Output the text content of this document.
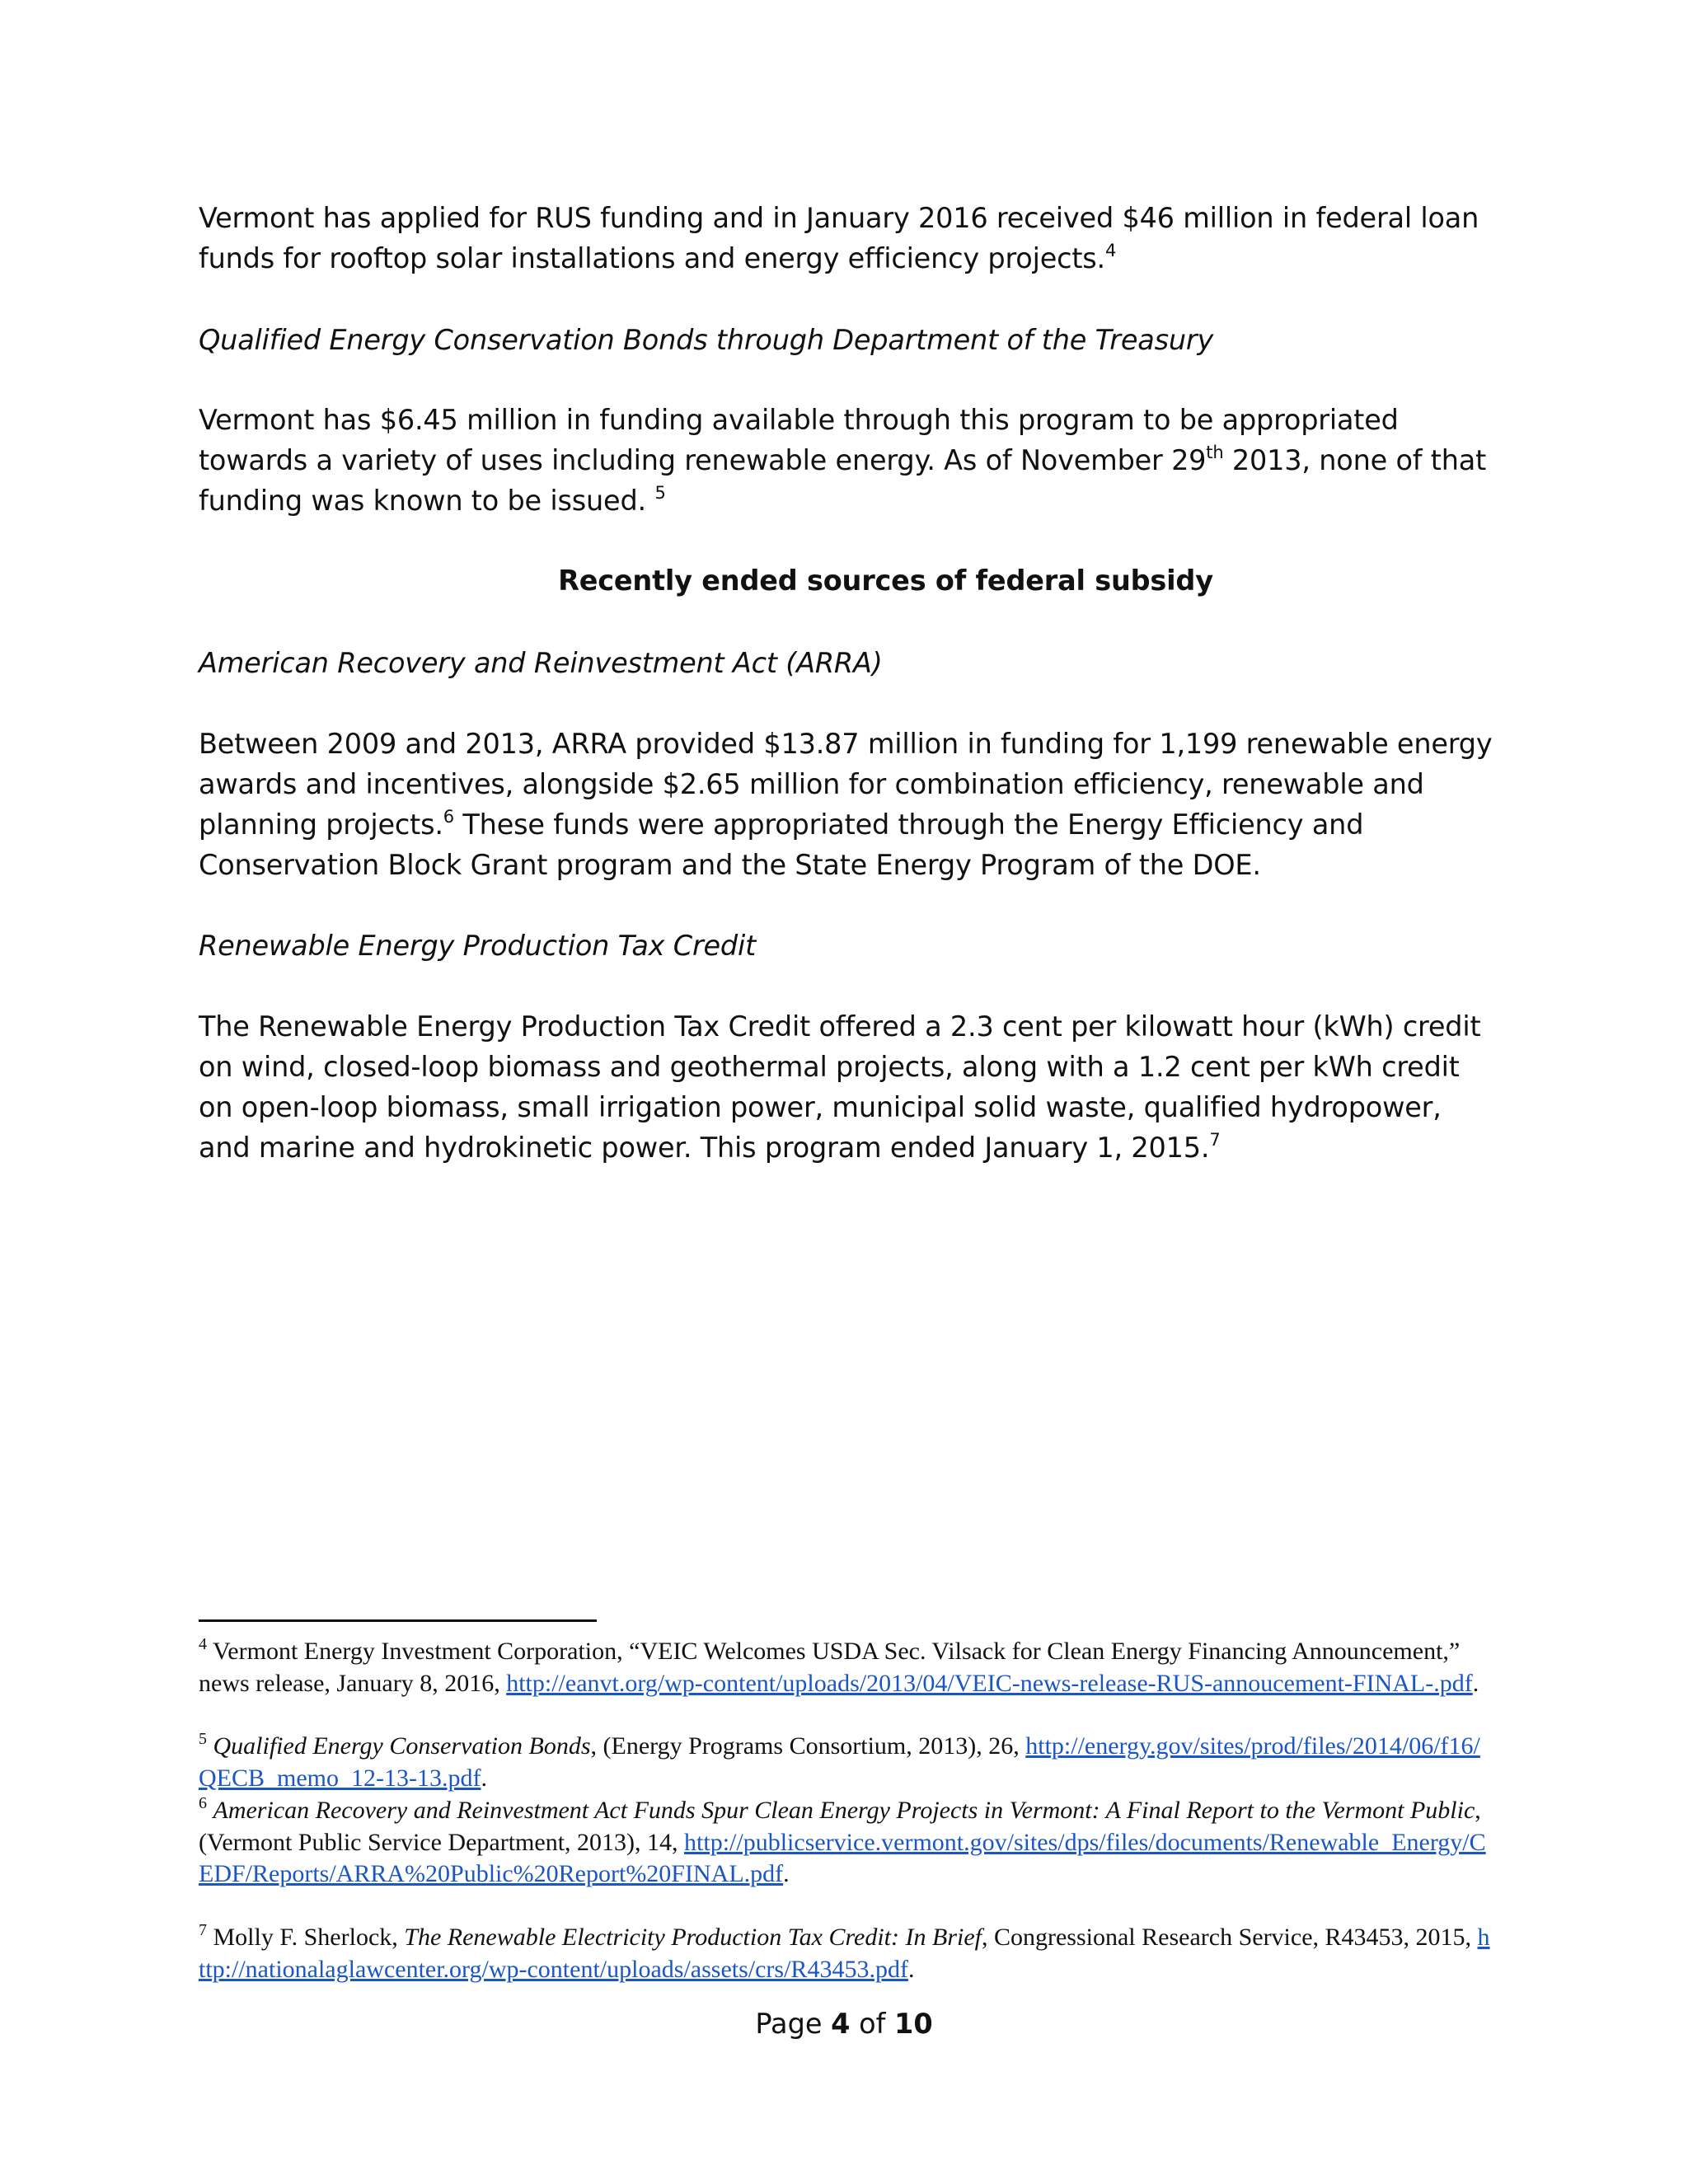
Vermont has applied for RUS funding and in January 2016 received $46 million in federal loan funds for rooftop solar installations and energy efficiency projects.$^4$

Qualified Energy Conservation Bonds through Department of the Treasury

Vermont has $6.45 million in funding available through this program to be appropriated towards a variety of uses including renewable energy. As of November 29th 2013, none of that funding was known to be issued. $^5$

Recently ended sources of federal subsidy

American Recovery and Reinvestment Act (ARRA)

Between 2009 and 2013, ARRA provided $13.87 million in funding for 1,199 renewable energy awards and incentives, alongside $2.65 million for combination efficiency, renewable and planning projects.$^6$ These funds were appropriated through the Energy Efficiency and Conservation Block Grant program and the State Energy Program of the DOE.

Renewable Energy Production Tax Credit

The Renewable Energy Production Tax Credit offered a 2.3 cent per kilowatt hour (kWh) credit on wind, closed-loop biomass and geothermal projects, along with a 1.2 cent per kWh credit on open-loop biomass, small irrigation power, municipal solid waste, qualified hydropower, and marine and hydrokinetic power. This program ended January 1, 2015.$^7$

$^4$ Vermont Energy Investment Corporation, “VEIC Welcomes USDA Sec. Vilsack for Clean Energy Financing Announcement,” news release, January 8, 2016, http://eanvt.org/wp-content/uploads/2013/04/VEIC-news-release-RUS-annoucement-FINAL-.pdf.

$^5$ Qualified Energy Conservation Bonds, (Energy Programs Consortium, 2013), 26, http://energy.gov/sites/prod/files/2014/06/f16/QECB_memo_12-13-13.pdf.

$^6$ American Recovery and Reinvestment Act Funds Spur Clean Energy Projects in Vermont: A Final Report to the Vermont Public, (Vermont Public Service Department, 2013), 14, http://publicservice.vermont.gov/sites/dps/files/documents/Renewable_Energy/CEDF/Reports/ARRA%20Public%20Report%20FINAL.pdf.

$^7$ Molly F. Sherlock, The Renewable Electricity Production Tax Credit: In Brief, Congressional Research Service, R43453, 2015, http://nationalaglawcenter.org/wp-content/uploads/assets/crs/R43453.pdf.

Page 4 of 10
